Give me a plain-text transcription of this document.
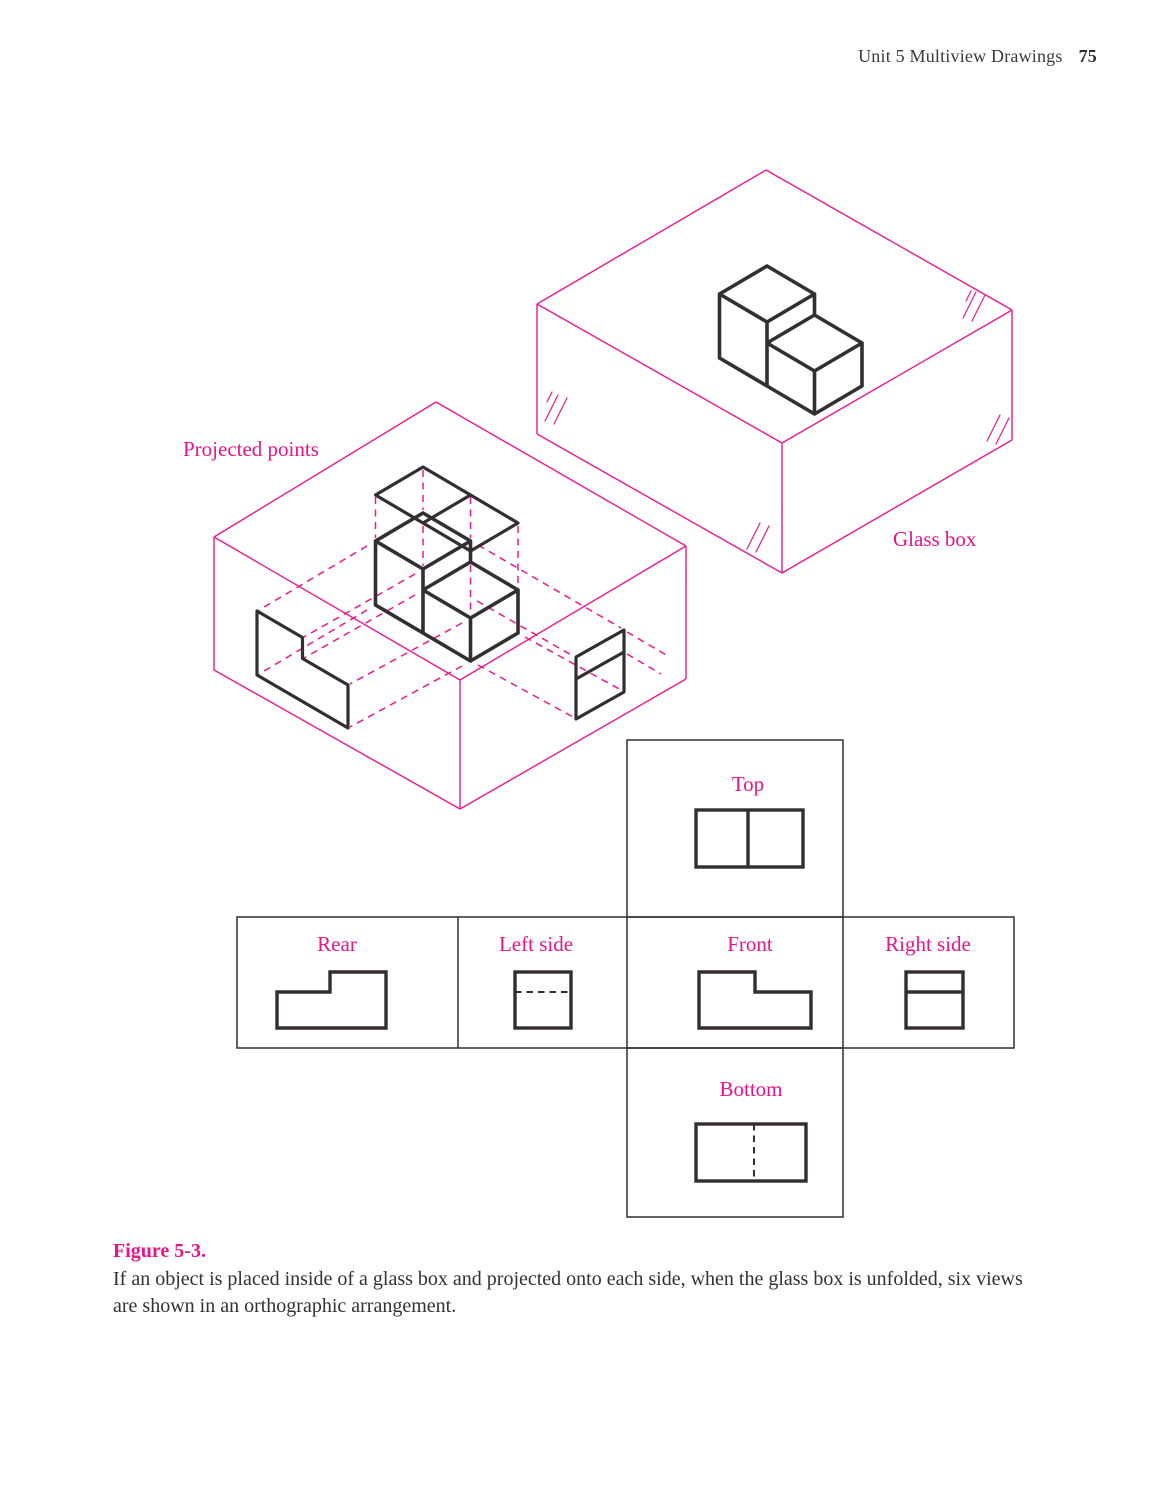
Unit 5 Multiview Drawings 75
Glass box
Projected points
Top
Rear	Left side	Front	Right side
Bottom
Figure 5-3.
If an object is placed inside of a glass box and projected onto each side, when the glass box is unfolded, six views
are shown in an orthographic arrangement.
